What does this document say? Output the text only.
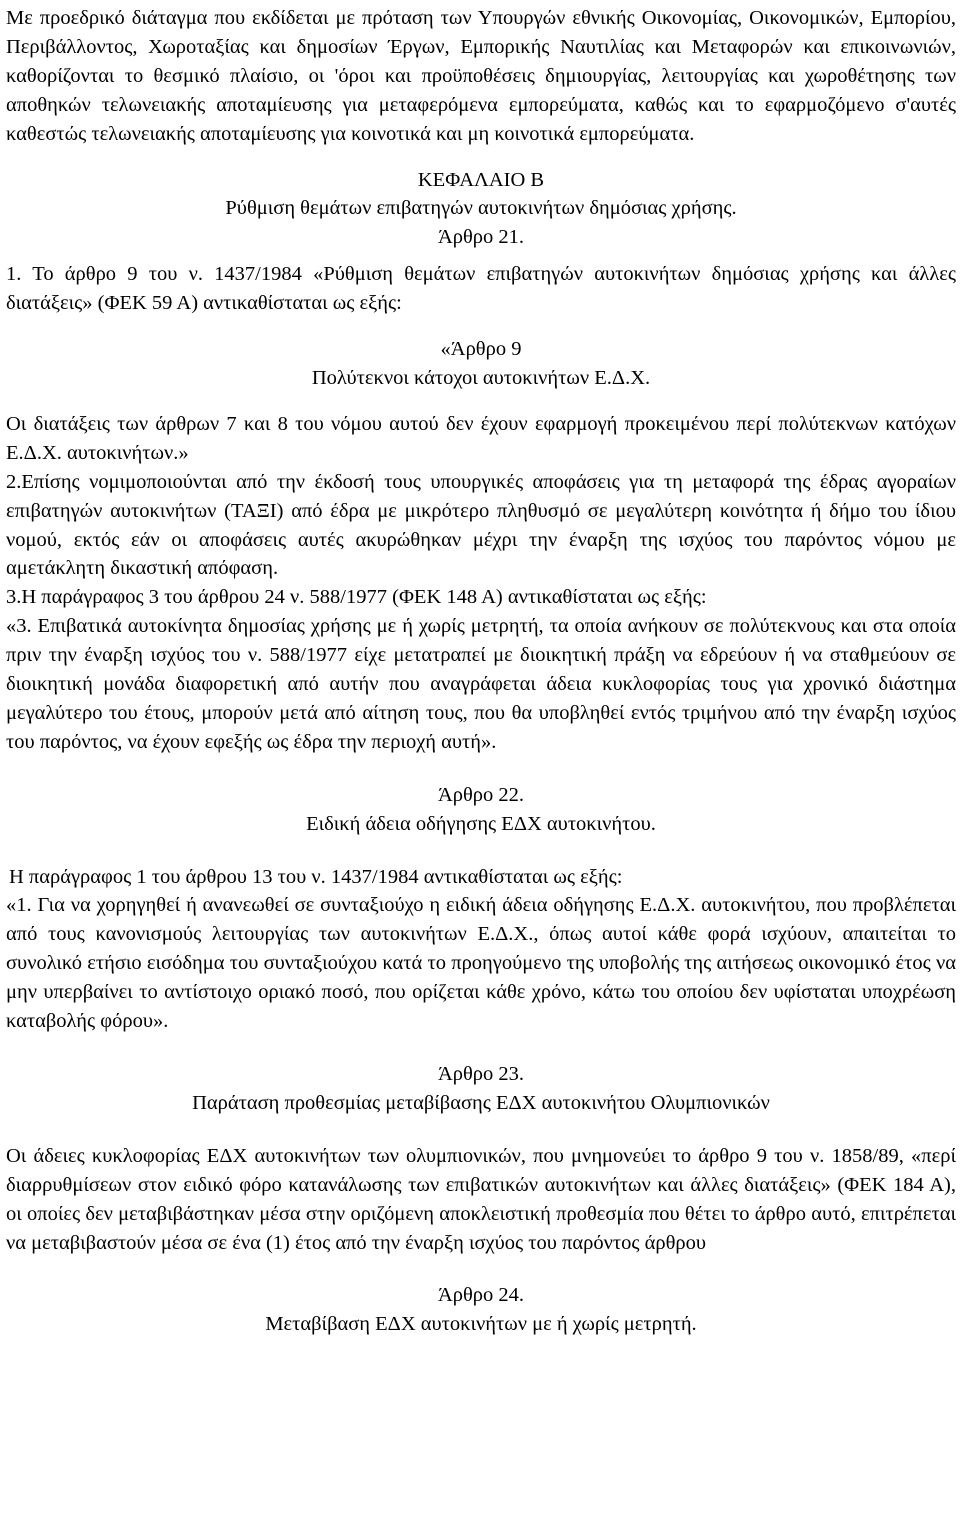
Με προεδρικό διάταγμα που εκδίδεται με πρόταση των Υπουργών εθνικής Οικονομίας, Οικονομικών, Εμπορίου, Περιβάλλοντος, Χωροταξίας και δημοσίων Έργων, Εμπορικής Ναυτιλίας και Μεταφορών και επικοινωνιών, καθορίζονται το θεσμικό πλαίσιο, οι 'όροι και προϋποθέσεις δημιουργίας, λειτουργίας και χωροθέτησης των αποθηκών τελωνειακής αποταμίευσης για μεταφερόμενα εμπορεύματα, καθώς και το εφαρμοζόμενο σ'αυτές καθεστώς τελωνειακής αποταμίευσης για κοινοτικά και μη κοινοτικά εμπορεύματα.

ΚΕΦΑΛΑΙΟ Β

Ρύθμιση θεμάτων επιβατηγών αυτοκινήτων δημόσιας χρήσης.

Άρθρο 21.

1. Το άρθρο 9 του ν. 1437/1984 «Ρύθμιση θεμάτων επιβατηγών αυτοκινήτων δημόσιας χρήσης και άλλες διατάξεις» (ΦΕΚ 59 Α) αντικαθίσταται ως εξής:

«Άρθρο 9

Πολύτεκνοι κάτοχοι αυτοκινήτων Ε.Δ.Χ.

Οι διατάξεις των άρθρων 7 και 8 του νόμου αυτού δεν έχουν εφαρμογή προκειμένου περί πολύτεκνων κατόχων Ε.Δ.Χ. αυτοκινήτων.»

2.Επίσης νομιμοποιούνται από την έκδοσή τους υπουργικές αποφάσεις για τη μεταφορά της έδρας αγοραίων επιβατηγών αυτοκινήτων (ΤΑΞΙ) από έδρα με μικρότερο πληθυσμό σε μεγαλύτερη κοινότητα ή δήμο του ίδιου νομού, εκτός εάν οι αποφάσεις αυτές ακυρώθηκαν μέχρι την έναρξη της ισχύος του παρόντος νόμου με αμετάκλητη δικαστική απόφαση.

3.Η παράγραφος 3 του άρθρου 24 ν. 588/1977 (ΦΕΚ 148 Α) αντικαθίσταται ως εξής:

«3. Επιβατικά αυτοκίνητα δημοσίας χρήσης με ή χωρίς μετρητή, τα οποία ανήκουν σε πολύτεκνους και στα οποία πριν την έναρξη ισχύος του ν. 588/1977 είχε μετατραπεί με διοικητική πράξη να εδρεύουν ή να σταθμεύουν σε διοικητική μονάδα διαφορετική από αυτήν που αναγράφεται άδεια κυκλοφορίας τους για χρονικό διάστημα μεγαλύτερο του έτους, μπορούν μετά από αίτηση τους, που θα υποβληθεί εντός τριμήνου από την έναρξη ισχύος του παρόντος, να έχουν εφεξής ως έδρα την περιοχή αυτή».

Άρθρο 22.

Ειδική άδεια οδήγησης ΕΔΧ αυτοκινήτου.

Η παράγραφος 1 του άρθρου 13 του ν. 1437/1984 αντικαθίσταται ως εξής:

«1. Για να χορηγηθεί ή ανανεωθεί σε συνταξιούχο η ειδική άδεια οδήγησης Ε.Δ.Χ. αυτοκινήτου, που προβλέπεται από τους κανονισμούς λειτουργίας των αυτοκινήτων Ε.Δ.Χ., όπως αυτοί κάθε φορά ισχύουν, απαιτείται το συνολικό ετήσιο εισόδημα του συνταξιούχου κατά το προηγούμενο της υποβολής της αιτήσεως οικονομικό έτος να μην υπερβαίνει το αντίστοιχο οριακό ποσό, που ορίζεται κάθε χρόνο, κάτω του οποίου δεν υφίσταται υποχρέωση καταβολής φόρου».

Άρθρο 23.

Παράταση προθεσμίας μεταβίβασης ΕΔΧ αυτοκινήτου Ολυμπιονικών

Οι άδειες κυκλοφορίας ΕΔΧ αυτοκινήτων των ολυμπιονικών, που μνημονεύει το άρθρο 9 του ν. 1858/89, «περί διαρρυθμίσεων στον ειδικό φόρο κατανάλωσης των επιβατικών αυτοκινήτων και άλλες διατάξεις» (ΦΕΚ 184 Α), οι οποίες δεν μεταβιβάστηκαν μέσα στην οριζόμενη αποκλειστική προθεσμία που θέτει το άρθρο αυτό, επιτρέπεται να μεταβιβαστούν μέσα σε ένα (1) έτος από την έναρξη ισχύος του παρόντος άρθρου

Άρθρο 24.

Μεταβίβαση ΕΔΧ αυτοκινήτων με ή χωρίς μετρητή.
